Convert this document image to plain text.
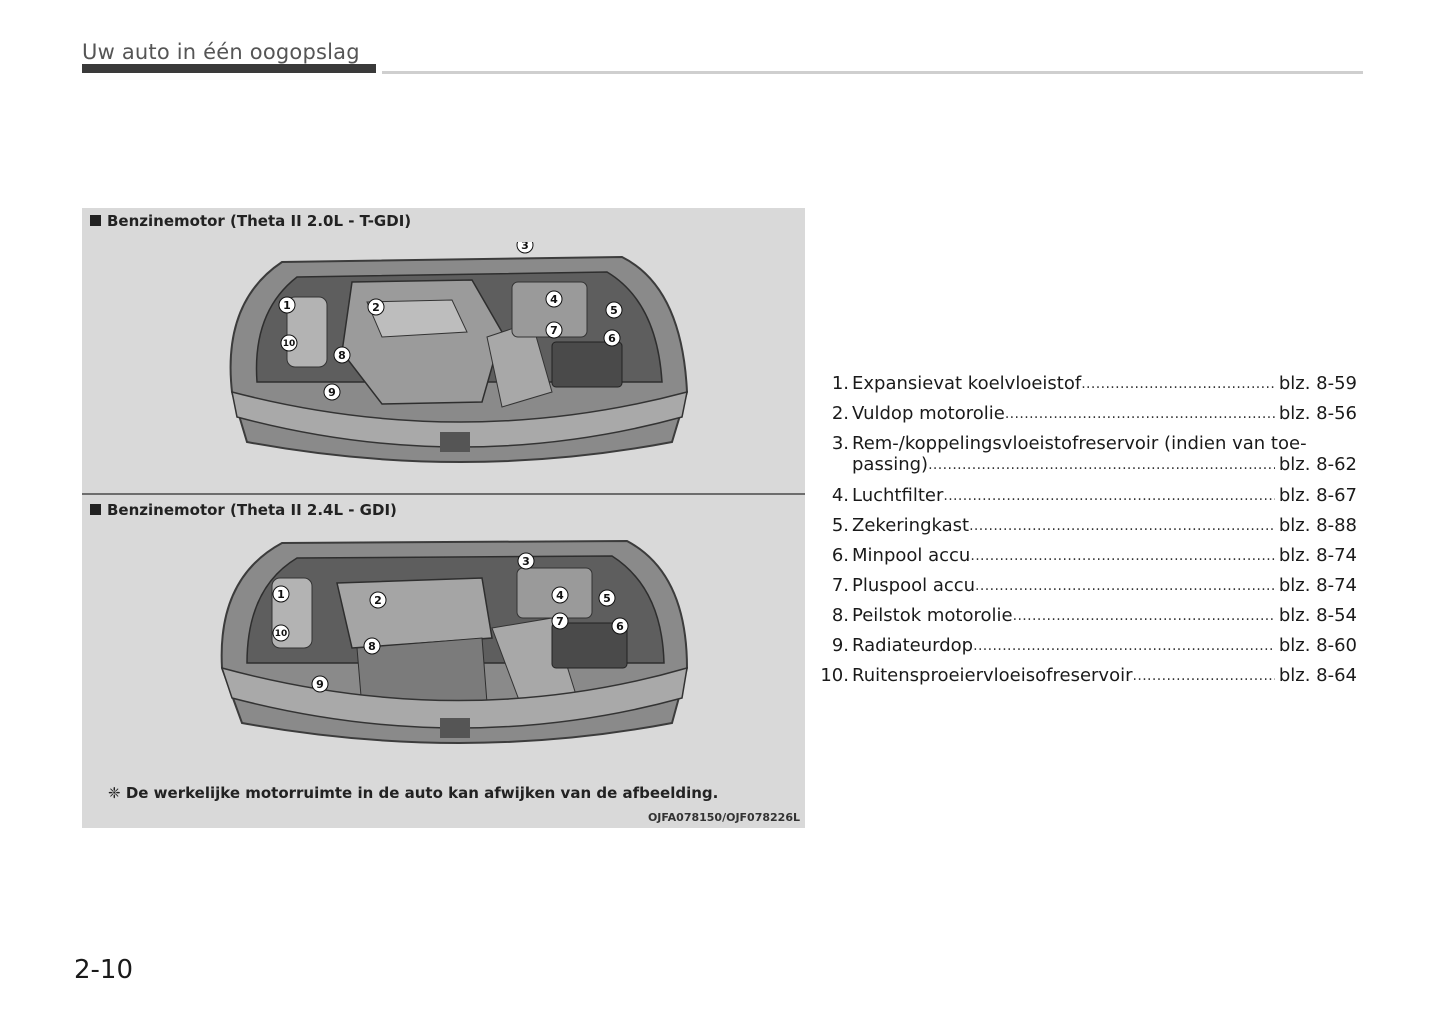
Uw auto in één oogopslag
Benzinemotor (Theta II 2.0L - T-GDI)
1	2
3
4
5
6
7
8
9
10
Benzinemotor (Theta II 2.4L - GDI)
1	2
3
4	5
6
7
8
9
10
❈ De werkelijke motorruimte in de auto kan afwijken van de afbeelding.
OJFA078150/OJF078226L
1. Expansievat koelvloeistof .....	blz. 8-59
2. Vuldop motorolie .....	blz. 8-56
3. Rem-/koppelingsvloeistofreservoir (indien van toe-
passing) .....	blz. 8-62
4. Luchtfilter .....	blz. 8-67
5. Zekeringkast .....	blz. 8-88
6. Minpool accu .....	blz. 8-74
7. Pluspool accu .....	blz. 8-74
8. Peilstok motorolie .....	blz. 8-54
9. Radiateurdop .....	blz. 8-60
10. Ruitensproeiervloeisofreservoir .....	blz. 8-64
2-10
